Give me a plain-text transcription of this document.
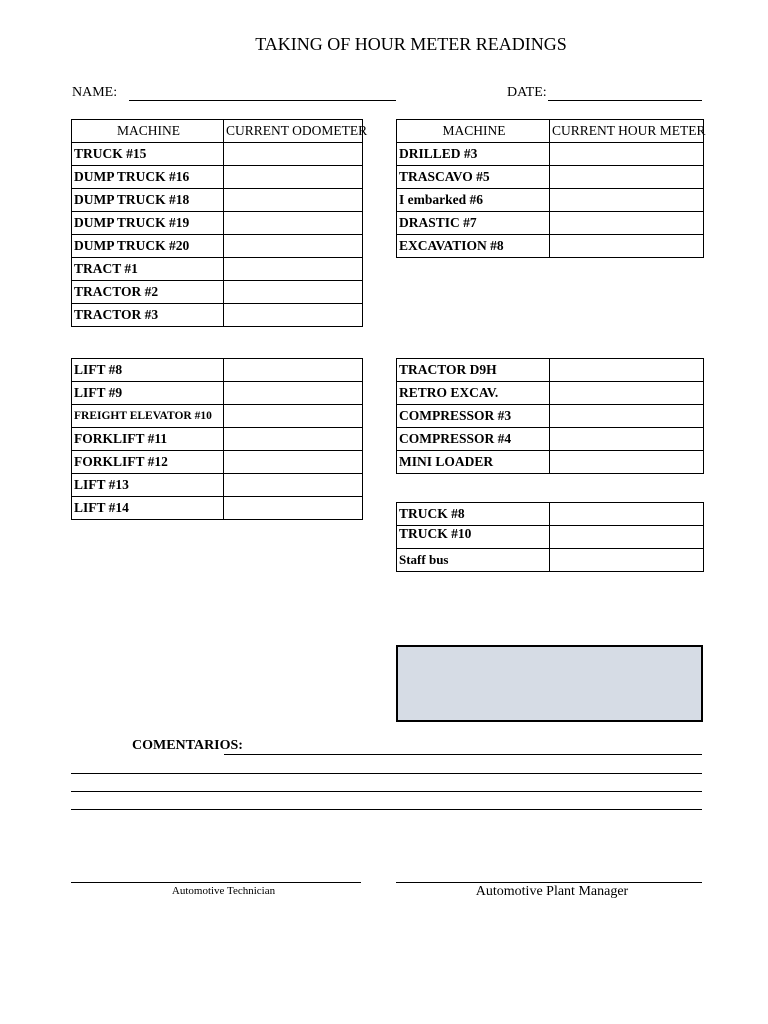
TAKING OF HOUR METER READINGS
NAME:	DATE:
MACHINE	CURRENT ODOMETER
TRUCK #15	
DUMP TRUCK #16	
DUMP TRUCK #18	
DUMP TRUCK #19	
DUMP TRUCK #20	
TRACT #1	
TRACTOR #2	
TRACTOR #3	
MACHINE	CURRENT HOUR METER
DRILLED #3	
TRASCAVO #5	
I embarked #6	
DRASTIC #7	
EXCAVATION #8	
LIFT #8	
LIFT #9	
FREIGHT ELEVATOR #10	
FORKLIFT #11	
FORKLIFT #12	
LIFT #13	
LIFT #14	
TRACTOR D9H	
RETRO EXCAV.	
COMPRESSOR #3	
COMPRESSOR #4	
MINI LOADER	
TRUCK #8	
TRUCK #10	
Staff bus	
COMENTARIOS:
Automotive Technician	Automotive Plant Manager
